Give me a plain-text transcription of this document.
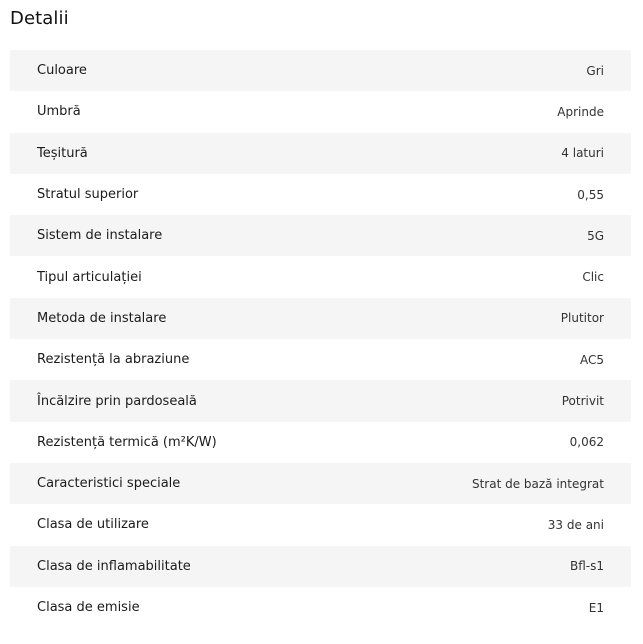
Detalii
Culoare	Gri
Umbră	Aprinde
Teșitură	4 laturi
Stratul superior	0,55
Sistem de instalare	5G
Tipul articulației	Clic
Metoda de instalare	Plutitor
Rezistență la abraziune	AC5
Încălzire prin pardoseală	Potrivit
Rezistență termică (m²K/W)	0,062
Caracteristici speciale	Strat de bază integrat
Clasa de utilizare	33 de ani
Clasa de inflamabilitate	Bfl-s1
Clasa de emisie	E1
